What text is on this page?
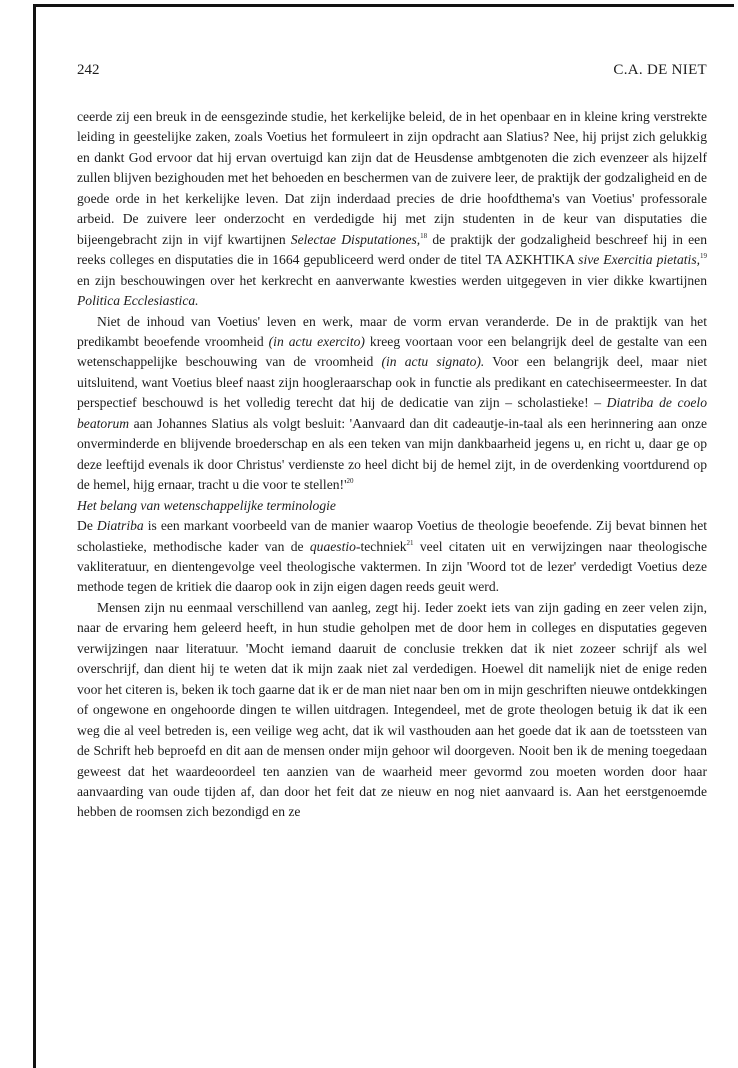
242	C.A. DE NIET

ceerde zij een breuk in de eensgezinde studie, het kerkelijke beleid, de in het openbaar en in kleine kring verstrekte leiding in geestelijke zaken, zoals Voetius het formuleert in zijn opdracht aan Slatius? Nee, hij prijst zich gelukkig en dankt God ervoor dat hij ervan overtuigd kan zijn dat de Heusdense ambtgenoten die zich evenzeer als hijzelf zullen blijven bezighouden met het behoeden en beschermen van de zuivere leer, de praktijk der godzaligheid en de goede orde in het kerkelijke leven. Dat zijn inderdaad precies de drie hoofdthema's van Voetius' professorale arbeid. De zuivere leer onderzocht en verdedigde hij met zijn studenten in de keur van disputaties die bijeengebracht zijn in vijf kwartijnen Selectae Disputationes,$^{18}$ de praktijk der godzaligheid beschreef hij in een reeks colleges en disputaties die in 1664 gepubliceerd werd onder de titel ΤΑ ΑΣΚΗΤΙΚΑ sive Exercitia pietatis,$^{19}$ en zijn beschouwingen over het kerkrecht en aanverwante kwesties werden uitgegeven in vier dikke kwartijnen Politica Ecclesiastica.

Niet de inhoud van Voetius' leven en werk, maar de vorm ervan veranderde. De in de praktijk van het predikambt beoefende vroomheid (in actu exercito) kreeg voortaan voor een belangrijk deel de gestalte van een wetenschappelijke beschouwing van de vroomheid (in actu signato). Voor een belangrijk deel, maar niet uitsluitend, want Voetius bleef naast zijn hoogleraarschap ook in functie als predikant en catechiseermeester. In dat perspectief beschouwd is het volledig terecht dat hij de dedicatie van zijn – scholastieke! – Diatriba de coelo beatorum aan Johannes Slatius als volgt besluit: 'Aanvaard dan dit cadeautje-in-taal als een herinnering aan onze onverminderde en blijvende broederschap en als een teken van mijn dankbaarheid jegens u, en richt u, daar ge op deze leeftijd evenals ik door Christus' verdienste zo heel dicht bij de hemel zijt, in de overdenking voortdurend op de hemel, hijg ernaar, tracht u die voor te $stellen!'^{20}$

Het belang van wetenschappelijke terminologie

De Diatriba is een markant voorbeeld van de manier waarop Voetius de theologie beoefende. Zij bevat binnen het scholastieke, methodische kader van de quaestio-techniek$^{21}$ veel citaten uit en verwijzingen naar theologische vakliteratuur, en dientengevolge veel theologische vaktermen. In zijn 'Woord tot de lezer' verdedigt Voetius deze methode tegen de kritiek die daarop ook in zijn eigen dagen reeds geuit werd.

Mensen zijn nu eenmaal verschillend van aanleg, zegt hij. Ieder zoekt iets van zijn gading en zeer velen zijn, naar de ervaring hem geleerd heeft, in hun studie geholpen met de door hem in colleges en disputaties gegeven verwijzingen naar literatuur. 'Mocht iemand daaruit de conclusie trekken dat ik niet zozeer schrijf als wel overschrijf, dan dient hij te weten dat ik mijn zaak niet zal verdedigen. Hoewel dit namelijk niet de enige reden voor het citeren is, beken ik toch gaarne dat ik er de man niet naar ben om in mijn geschriften nieuwe ontdekkingen of ongewone en ongehoorde dingen te willen uitdragen. Integendeel, met de grote theologen betuig ik dat ik een weg die al veel betreden is, een veilige weg acht, dat ik wil vasthouden aan het goede dat ik aan de toetssteen van de Schrift heb beproefd en dit aan de mensen onder mijn gehoor wil doorgeven. Nooit ben ik de mening toegedaan geweest dat het waardeoordeel ten aanzien van de waarheid meer gevormd zou moeten worden door haar aanvaarding van oude tijden af, dan door het feit dat ze nieuw en nog niet aanvaard is. Aan het eerstgenoemde hebben de roomsen zich bezondigd en ze
